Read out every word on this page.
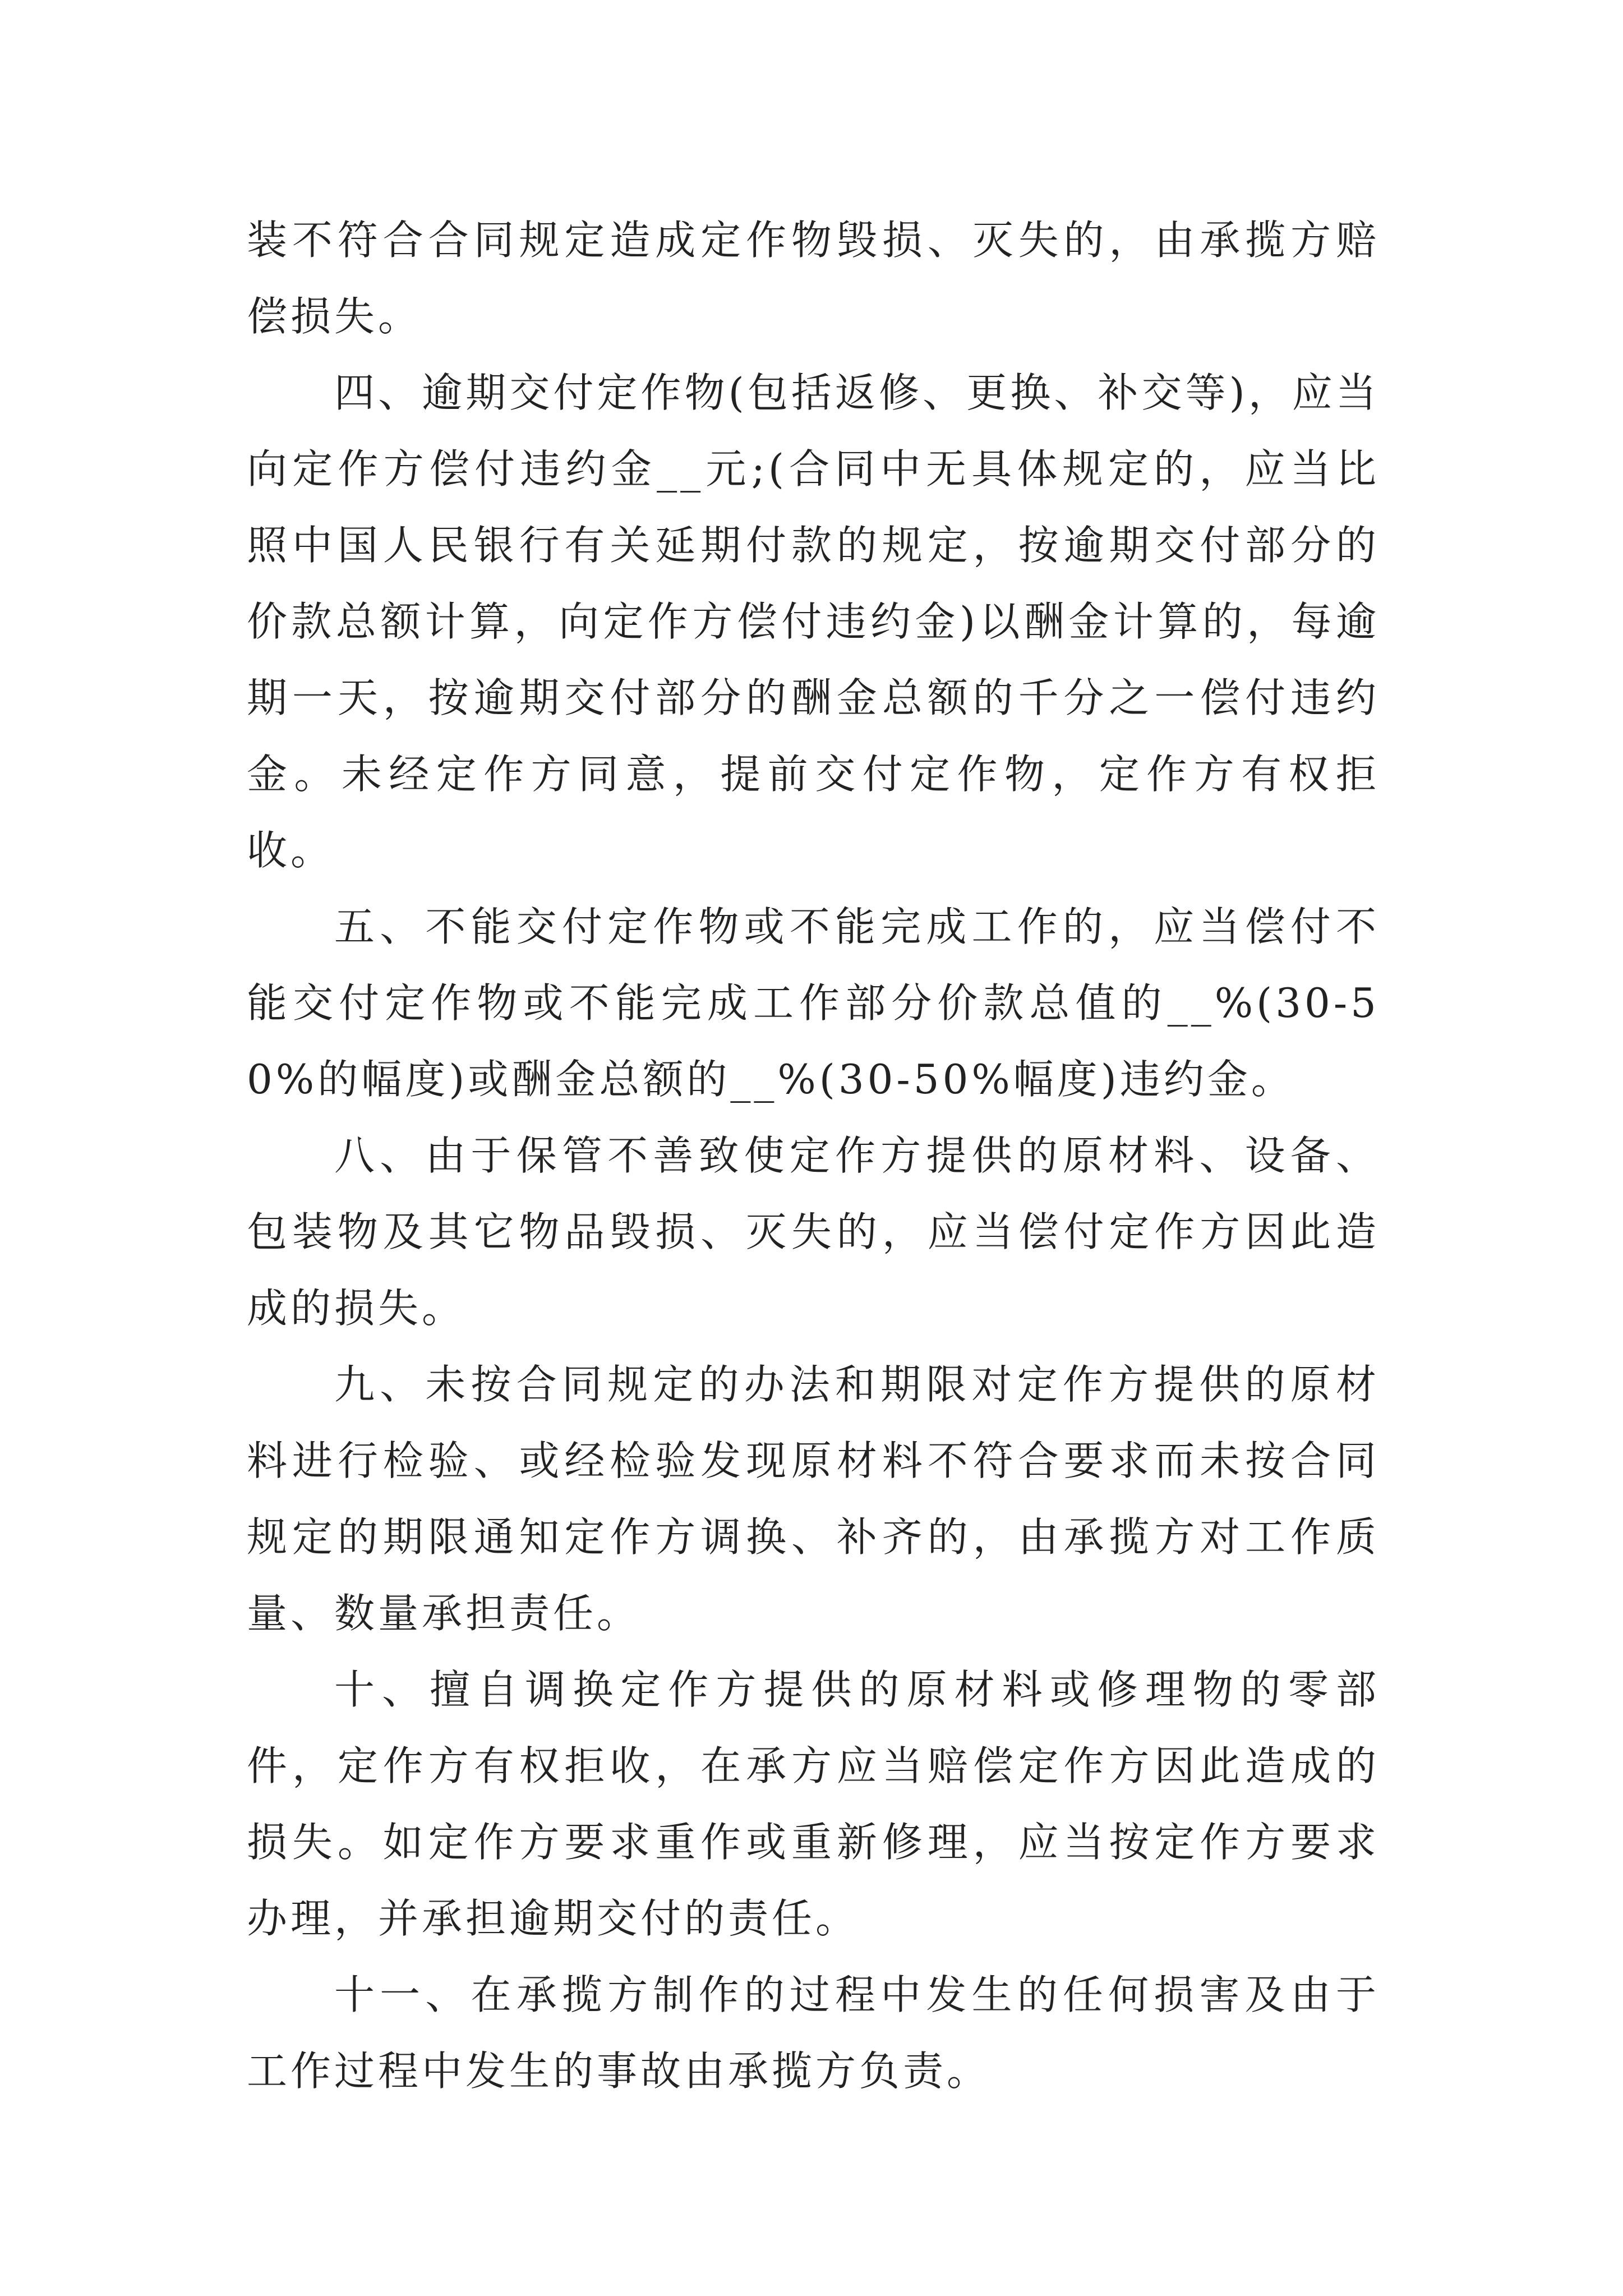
装不符合合同规定造成定作物毁损、灭失的，由承揽方赔偿损失。

四、逾期交付定作物(包括返修、更换、补交等)，应当向定作方偿付违约金__元;(合同中无具体规定的，应当比照中国人民银行有关延期付款的规定，按逾期交付部分的价款总额计算，向定作方偿付违约金)以酬金计算的，每逾期一天，按逾期交付部分的酬金总额的千分之一偿付违约金。未经定作方同意，提前交付定作物，定作方有权拒收。

五、不能交付定作物或不能完成工作的，应当偿付不能交付定作物或不能完成工作部分价款总值的__%(30-50%的幅度)或酬金总额的__%(30-50%幅度)违约金。

八、由于保管不善致使定作方提供的原材料、设备、包装物及其它物品毁损、灭失的，应当偿付定作方因此造成的损失。

九、未按合同规定的办法和期限对定作方提供的原材料进行检验、或经检验发现原材料不符合要求而未按合同规定的期限通知定作方调换、补齐的，由承揽方对工作质量、数量承担责任。

十、擅自调换定作方提供的原材料或修理物的零部件，定作方有权拒收，在承方应当赔偿定作方因此造成的损失。如定作方要求重作或重新修理，应当按定作方要求办理，并承担逾期交付的责任。

十一、在承揽方制作的过程中发生的任何损害及由于工作过程中发生的事故由承揽方负责。
